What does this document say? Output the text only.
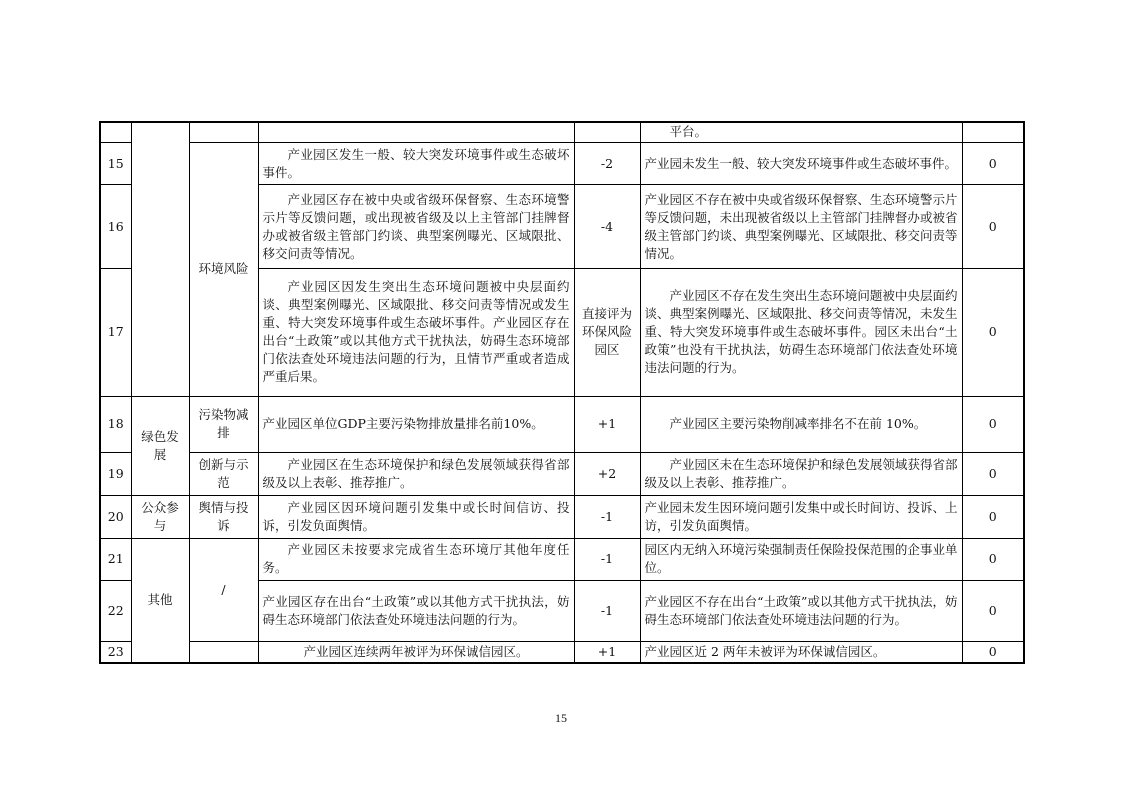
					平台。	
15		环境风险	产业园区发生一般、较大突发环境事件或生态破坏事件。	-2	产业园未发生一般、较大突发环境事件或生态破坏事件。	0
16			产业园区存在被中央或省级环保督察、生态环境警示片等反馈问题，或出现被省级及以上主管部门挂牌督办或被省级主管部门约谈、典型案例曝光、区域限批、移交问责等情况。	-4	产业园区不存在被中央或省级环保督察、生态环境警示片等反馈问题，未出现被省级以上主管部门挂牌督办或被省级主管部门约谈、典型案例曝光、区域限批、移交问责等情况。	0
17			产业园区因发生突出生态环境问题被中央层面约谈、典型案例曝光、区域限批、移交问责等情况或发生重、特大突发环境事件或生态破坏事件。产业园区存在出台“土政策”或以其他方式干扰执法，妨碍生态环境部门依法查处环境违法问题的行为，且情节严重或者造成严重后果。	直接评为环保风险园区	产业园区不存在发生突出生态环境问题被中央层面约谈、典型案例曝光、区域限批、移交问责等情况，未发生重、特大突发环境事件或生态破坏事件。园区未出台“土政策”也没有干扰执法，妨碍生态环境部门依法查处环境违法问题的行为。	0
18	绿色发展	污染物减排	产业园区单位GDP主要污染物排放量排名前10%。	+1	产业园区主要污染物削减率排名不在前 10%。	0
19		创新与示范	产业园区在生态环境保护和绿色发展领域获得省部级及以上表彰、推荐推广。	+2	产业园区未在生态环境保护和绿色发展领域获得省部级及以上表彰、推荐推广。	0
20	公众参与	舆情与投诉	产业园区因环境问题引发集中或长时间信访、投诉，引发负面舆情。	-1	产业园未发生因环境问题引发集中或长时间访、投诉、上访，引发负面舆情。	0
21	其他	/	产业园区未按要求完成省生态环境厅其他年度任务。	-1	园区内无纳入环境污染强制责任保险投保范围的企事业单位。	0
22			产业园区存在出台“土政策”或以其他方式干扰执法，妨碍生态环境部门依法查处环境违法问题的行为。	-1	产业园区不存在出台“土政策”或以其他方式干扰执法，妨碍生态环境部门依法查处环境违法问题的行为。	0
23			产业园区连续两年被评为环保诚信园区。	+1	产业园区近 2 两年未被评为环保诚信园区。	0
15
